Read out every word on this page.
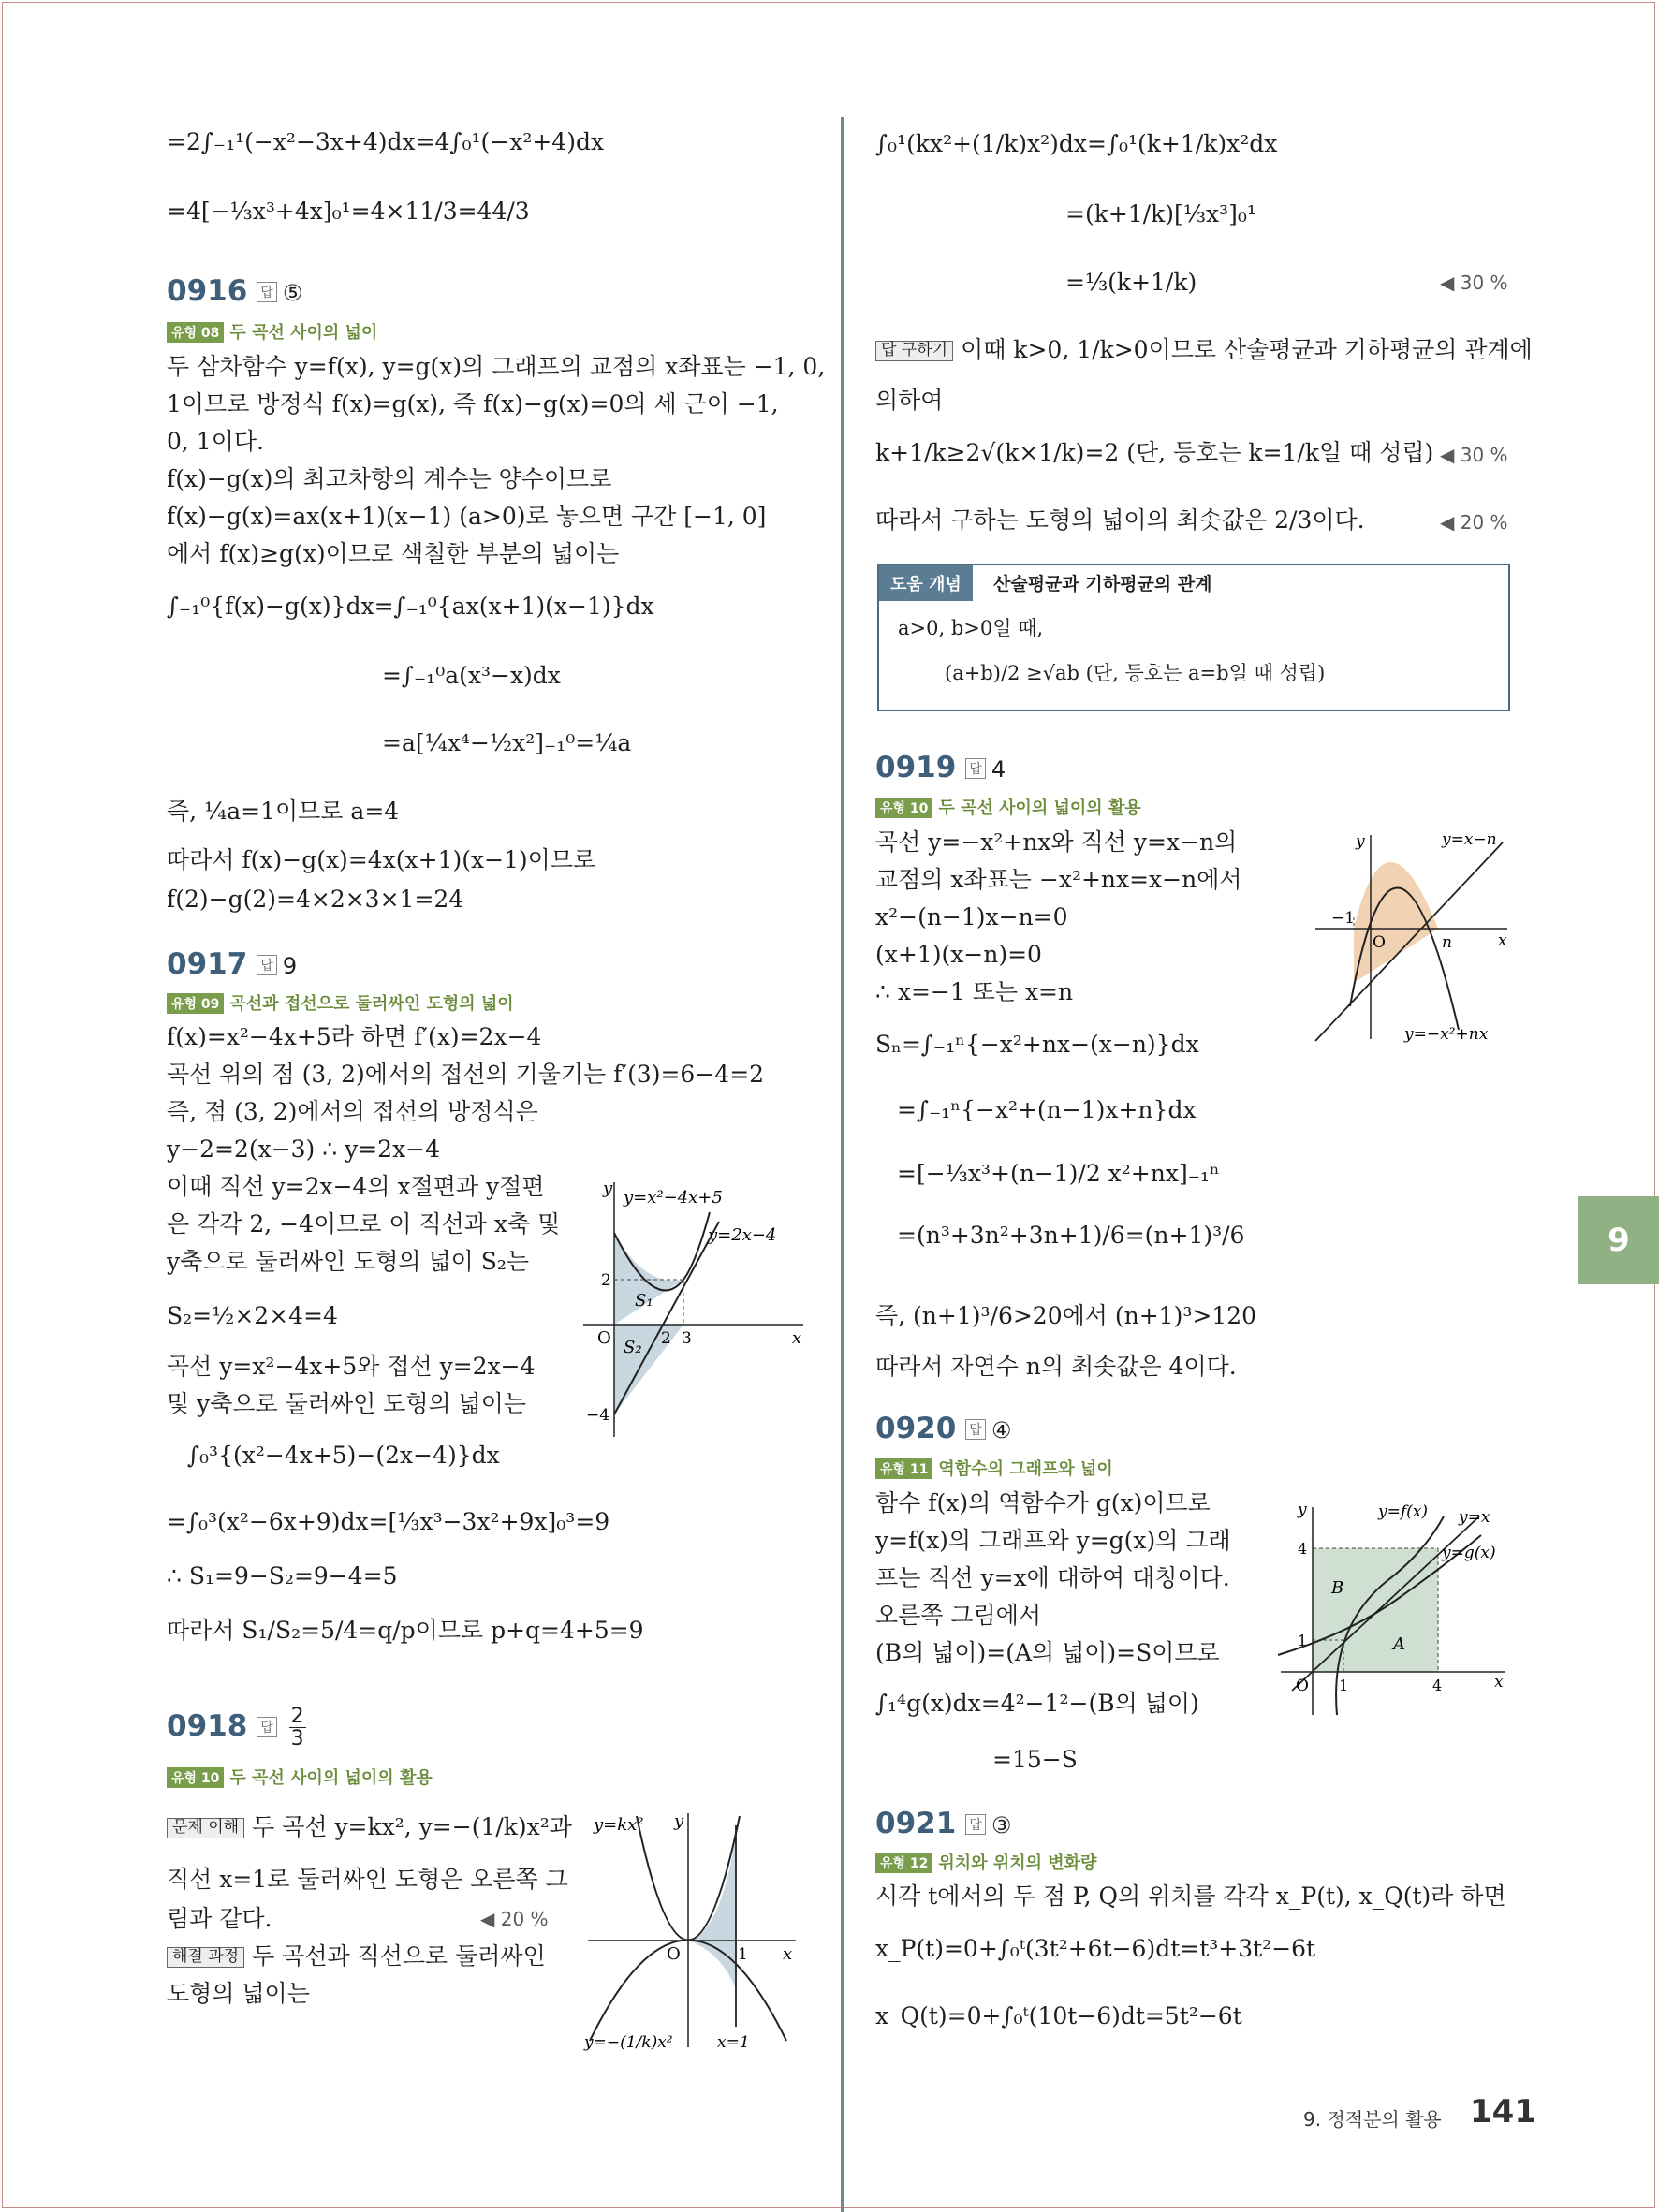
=2∫₋₁¹(−x²−3x+4)dx=4∫₀¹(−x²+4)dx
=4[−⅓x³+4x]₀¹=4×11/3=44/3
0916 답 ⑤
유형 08 두 곡선 사이의 넓이
두 삼차함수 y=f(x), y=g(x)의 그래프의 교점의 x좌표는 −1, 0,
1이므로 방정식 f(x)=g(x), 즉 f(x)−g(x)=0의 세 근이 −1,
0, 1이다.
f(x)−g(x)의 최고차항의 계수는 양수이므로
f(x)−g(x)=ax(x+1)(x−1) (a>0)로 놓으면 구간 [−1, 0]
에서 f(x)≥g(x)이므로 색칠한 부분의 넓이는
∫₋₁⁰{f(x)−g(x)}dx=∫₋₁⁰{ax(x+1)(x−1)}dx
=∫₋₁⁰a(x³−x)dx
=a[¼x⁴−½x²]₋₁⁰=¼a
즉, ¼a=1이므로 a=4
따라서 f(x)−g(x)=4x(x+1)(x−1)이므로
f(2)−g(2)=4×2×3×1=24
0917 답 9
유형 09 곡선과 접선으로 둘러싸인 도형의 넓이
f(x)=x²−4x+5라 하면 f′(x)=2x−4
곡선 위의 점 (3, 2)에서의 접선의 기울기는 f′(3)=6−4=2
즉, 점 (3, 2)에서의 접선의 방정식은
y−2=2(x−3) ∴ y=2x−4
이때 직선 y=2x−4의 x절편과 y절편
은 각각 2, −4이므로 이 직선과 x축 및
y축으로 둘러싸인 도형의 넓이 S₂는
S₂=½×2×4=4
곡선 y=x²−4x+5와 접선 y=2x−4
및 y축으로 둘러싸인 도형의 넓이는
∫₀³{(x²−4x+5)−(2x−4)}dx
=∫₀³(x²−6x+9)dx=[⅓x³−3x²+9x]₀³=9
∴ S₁=9−S₂=9−4=5
따라서 S₁/S₂=5/4=q/p이므로 p+q=4+5=9
y=x²−4x+5
y=2x−4
y
x
O
2
−4
2 3
S₁
S₂
0918 답 $\frac{2}{3}$
유형 10 두 곡선 사이의 넓이의 활용
문제 이해 두 곡선 y=kx², y=−(1/k)x²과
직선 x=1로 둘러싸인 도형은 오른쪽 그
림과 같다.	◀ 20 %
해결 과정 두 곡선과 직선으로 둘러싸인
도형의 넓이는
y=kx²
y=−(1/k)x²	x=1
y
x
O	1
∫₀¹(kx²+(1/k)x²)dx=∫₀¹(k+1/k)x²dx
=(k+1/k)[⅓x³]₀¹
=⅓(k+1/k)	◀ 30 %
답 구하기 이때 k>0, 1/k>0이므로 산술평균과 기하평균의 관계에
의하여
k+1/k≥2√(k×1/k)=2 (단, 등호는 k=1/k일 때 성립) ◀ 30 %
따라서 구하는 도형의 넓이의 최솟값은 2/3이다.	◀ 20 %
도움 개념	산술평균과 기하평균의 관계
a>0, b>0일 때,
(a+b)/2 ≥√ab (단, 등호는 a=b일 때 성립)
0919 답 4
유형 10 두 곡선 사이의 넓이의 활용
곡선 y=−x²+nx와 직선 y=x−n의
교점의 x좌표는 −x²+nx=x−n에서
x²−(n−1)x−n=0
(x+1)(x−n)=0
∴ x=−1 또는 x=n
Sₙ=∫₋₁ⁿ{−x²+nx−(x−n)}dx
=∫₋₁ⁿ{−x²+(n−1)x+n}dx
=[−⅓x³+(n−1)/2 x²+nx]₋₁ⁿ
=(n³+3n²+3n+1)/6=(n+1)³/6
즉, (n+1)³/6>20에서 (n+1)³>120
따라서 자연수 n의 최솟값은 4이다.
y=x−n
y=−x²+nx
y
x
O
−1
n
0920 답 ④
유형 11 역함수의 그래프와 넓이
함수 f(x)의 역함수가 g(x)이므로
y=f(x)의 그래프와 y=g(x)의 그래
프는 직선 y=x에 대하여 대칭이다.
오른쪽 그림에서
(B의 넓이)=(A의 넓이)=S이므로
∫₁⁴g(x)dx=4²−1²−(B의 넓이)
=15−S
y=f(x) y=x
y=g(x)
A
B
y
x
O 1	4
1
4
0921 답 ③
유형 12 위치와 위치의 변화량
시각 t에서의 두 점 P, Q의 위치를 각각 x_P(t), x_Q(t)라 하면
x_P(t)=0+∫₀ᵗ(3t²+6t−6)dt=t³+3t²−6t
x_Q(t)=0+∫₀ᵗ(10t−6)dt=5t²−6t
9
9. 정적분의 활용 141
